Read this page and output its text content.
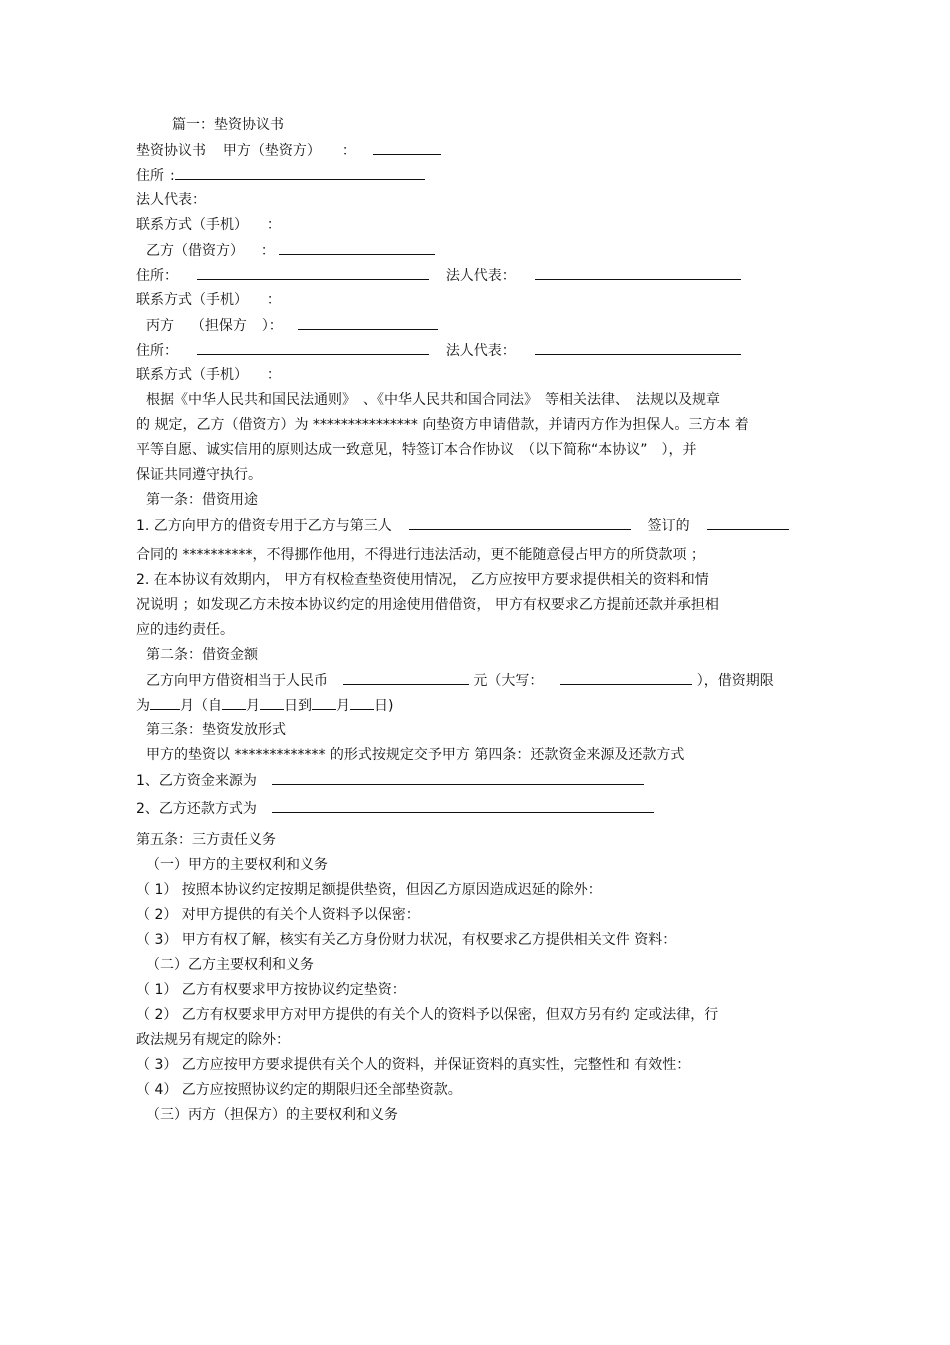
篇一：垫资协议书
垫资协议书 甲方（垫资方） ：
住所 :
法人代表：
联系方式（手机） ：
乙方（借资方） ：
住所：	法人代表：
联系方式（手机） ：
丙方 （担保方 ）：
住所：	法人代表：
联系方式（手机） ：
根据《中华人民共和国民法通则》　、《中华人民共和国合同法》　等相关法律、　法规以及规章
的 规定，乙方（借资方）为 *************** 向垫资方申请借款，并请丙方作为担保人。三方本 着
平等自愿、诚实信用的原则达成一致意见，特签订本合作协议　（以下简称“本协议”　），并
保证共同遵守执行。
第一条：借资用途
1. 乙方向甲方的借资专用于乙方与第三人	签订的
合同的 **********，不得挪作他用，不得进行违法活动，更不能随意侵占甲方的所贷款项 ；
2. 在本协议有效期内， 甲方有权检查垫资使用情况， 乙方应按甲方要求提供相关的资料和情
况说明 ；如发现乙方未按本协议约定的用途使用借借资， 甲方有权要求乙方提前还款并承担相
应的违约责任。
第二条：借资金额
乙方向甲方借资相当于人民币	元（大写：	），借资期限
为 月（自 月 日到 月 日)
第三条：垫资发放形式
甲方的垫资以 ************* 的形式按规定交予甲方 第四条：还款资金来源及还款方式
1、乙方资金来源为
2、乙方还款方式为
第五条：三方责任义务
（一）甲方的主要权利和义务
（ 1） 按照本协议约定按期足额提供垫资，但因乙方原因造成迟延的除外：
（ 2） 对甲方提供的有关个人资料予以保密：
（ 3） 甲方有权了解，核实有关乙方身份财力状况，有权要求乙方提供相关文件 资料：
（二）乙方主要权利和义务
（ 1） 乙方有权要求甲方按协议约定垫资：
（ 2） 乙方有权要求甲方对甲方提供的有关个人的资料予以保密，但双方另有约 定或法律，行
政法规另有规定的除外：
（ 3） 乙方应按甲方要求提供有关个人的资料，并保证资料的真实性，完整性和 有效性：
（ 4） 乙方应按照协议约定的期限归还全部垫资款。
（三）丙方（担保方）的主要权利和义务
